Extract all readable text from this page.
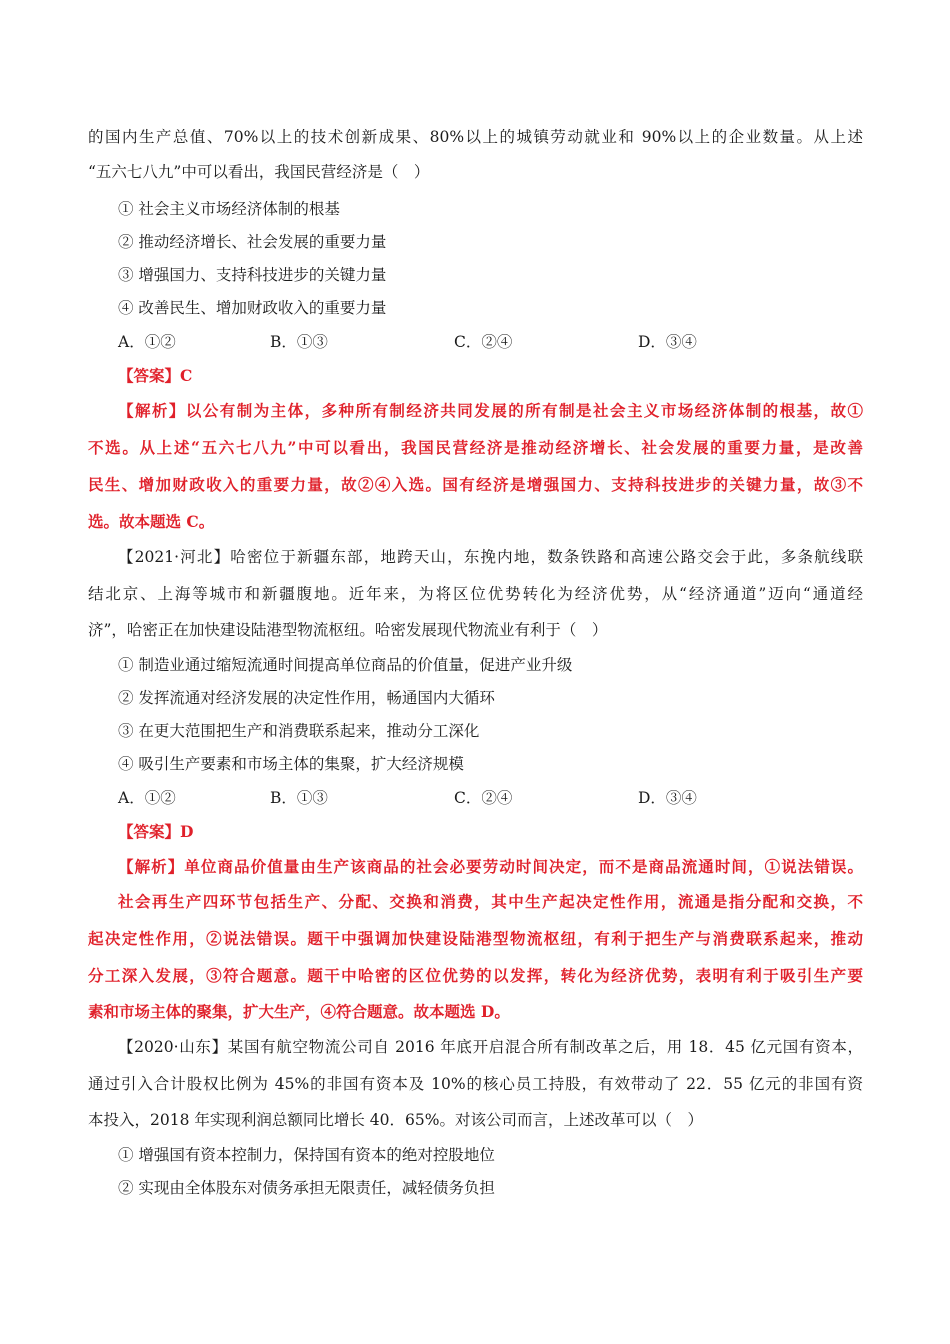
的国内生产总值、70%以上的技术创新成果、80%以上的城镇劳动就业和 90%以上的企业数量。从上述
“五六七八九”中可以看出，我国民营经济是（　）
① 社会主义市场经济体制的根基
② 推动经济增长、社会发展的重要力量
③ 增强国力、支持科技进步的关键力量
④ 改善民生、增加财政收入的重要力量
A．①②	B．①③	C．②④	D．③④
【答案】C
【解析】以公有制为主体，多种所有制经济共同发展的所有制是社会主义市场经济体制的根基，故①
不选。从上述“五六七八九”中可以看出，我国民营经济是推动经济增长、社会发展的重要力量，是改善
民生、增加财政收入的重要力量，故②④入选。国有经济是增强国力、支持科技进步的关键力量，故③不
选。故本题选 C。
【2021·河北】哈密位于新疆东部，地跨天山，东挽内地，数条铁路和高速公路交会于此，多条航线联
结北京、上海等城市和新疆腹地。近年来，为将区位优势转化为经济优势，从“经济通道”迈向“通道经
济”，哈密正在加快建设陆港型物流枢纽。哈密发展现代物流业有利于（　）
① 制造业通过缩短流通时间提高单位商品的价值量，促进产业升级
② 发挥流通对经济发展的决定性作用，畅通国内大循环
③ 在更大范围把生产和消费联系起来，推动分工深化
④ 吸引生产要素和市场主体的集聚，扩大经济规模
A．①②	B．①③	C．②④	D．③④
【答案】D
【解析】单位商品价值量由生产该商品的社会必要劳动时间决定，而不是商品流通时间，①说法错误。
社会再生产四环节包括生产、分配、交换和消费，其中生产起决定性作用，流通是指分配和交换，不
起决定性作用，②说法错误。题干中强调加快建设陆港型物流枢纽，有利于把生产与消费联系起来，推动
分工深入发展，③符合题意。题干中哈密的区位优势的以发挥，转化为经济优势，表明有利于吸引生产要
素和市场主体的聚集，扩大生产，④符合题意。故本题选 D。
【2020·山东】某国有航空物流公司自 2016 年底开启混合所有制改革之后，用 18．45 亿元国有资本，
通过引入合计股权比例为 45%的非国有资本及 10%的核心员工持股，有效带动了 22．55 亿元的非国有资
本投入，2018 年实现利润总额同比增长 40．65%。对该公司而言，上述改革可以（　）
① 增强国有资本控制力，保持国有资本的绝对控股地位
② 实现由全体股东对债务承担无限责任，减轻债务负担
